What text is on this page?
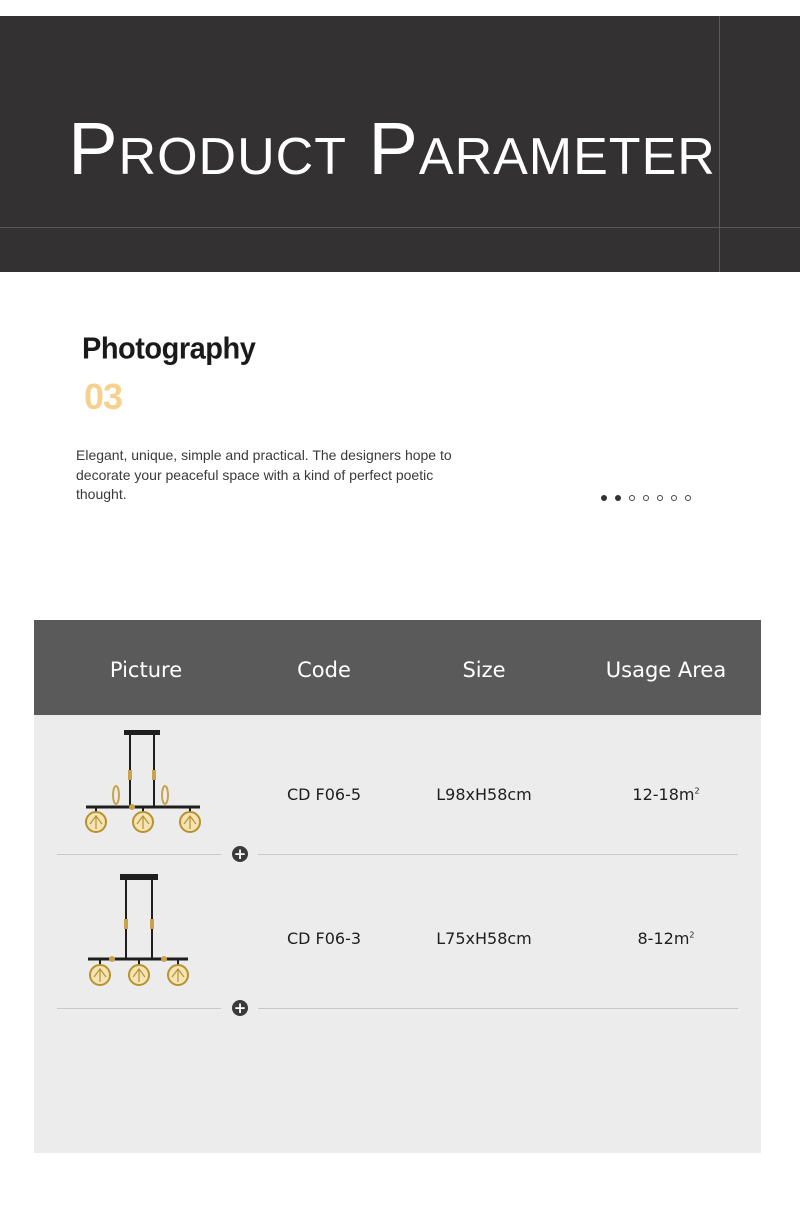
Product Parameter
Photography
03
Elegant, unique, simple and practical. The designers hope to decorate your peaceful space with a kind of perfect poetic thought.
Picture	Code	Size	Usage Area
CD F06-5	L98xH58cm	$12-18m^2$
+
CD F06-3	L75xH58cm	$8-12m^2$
+
